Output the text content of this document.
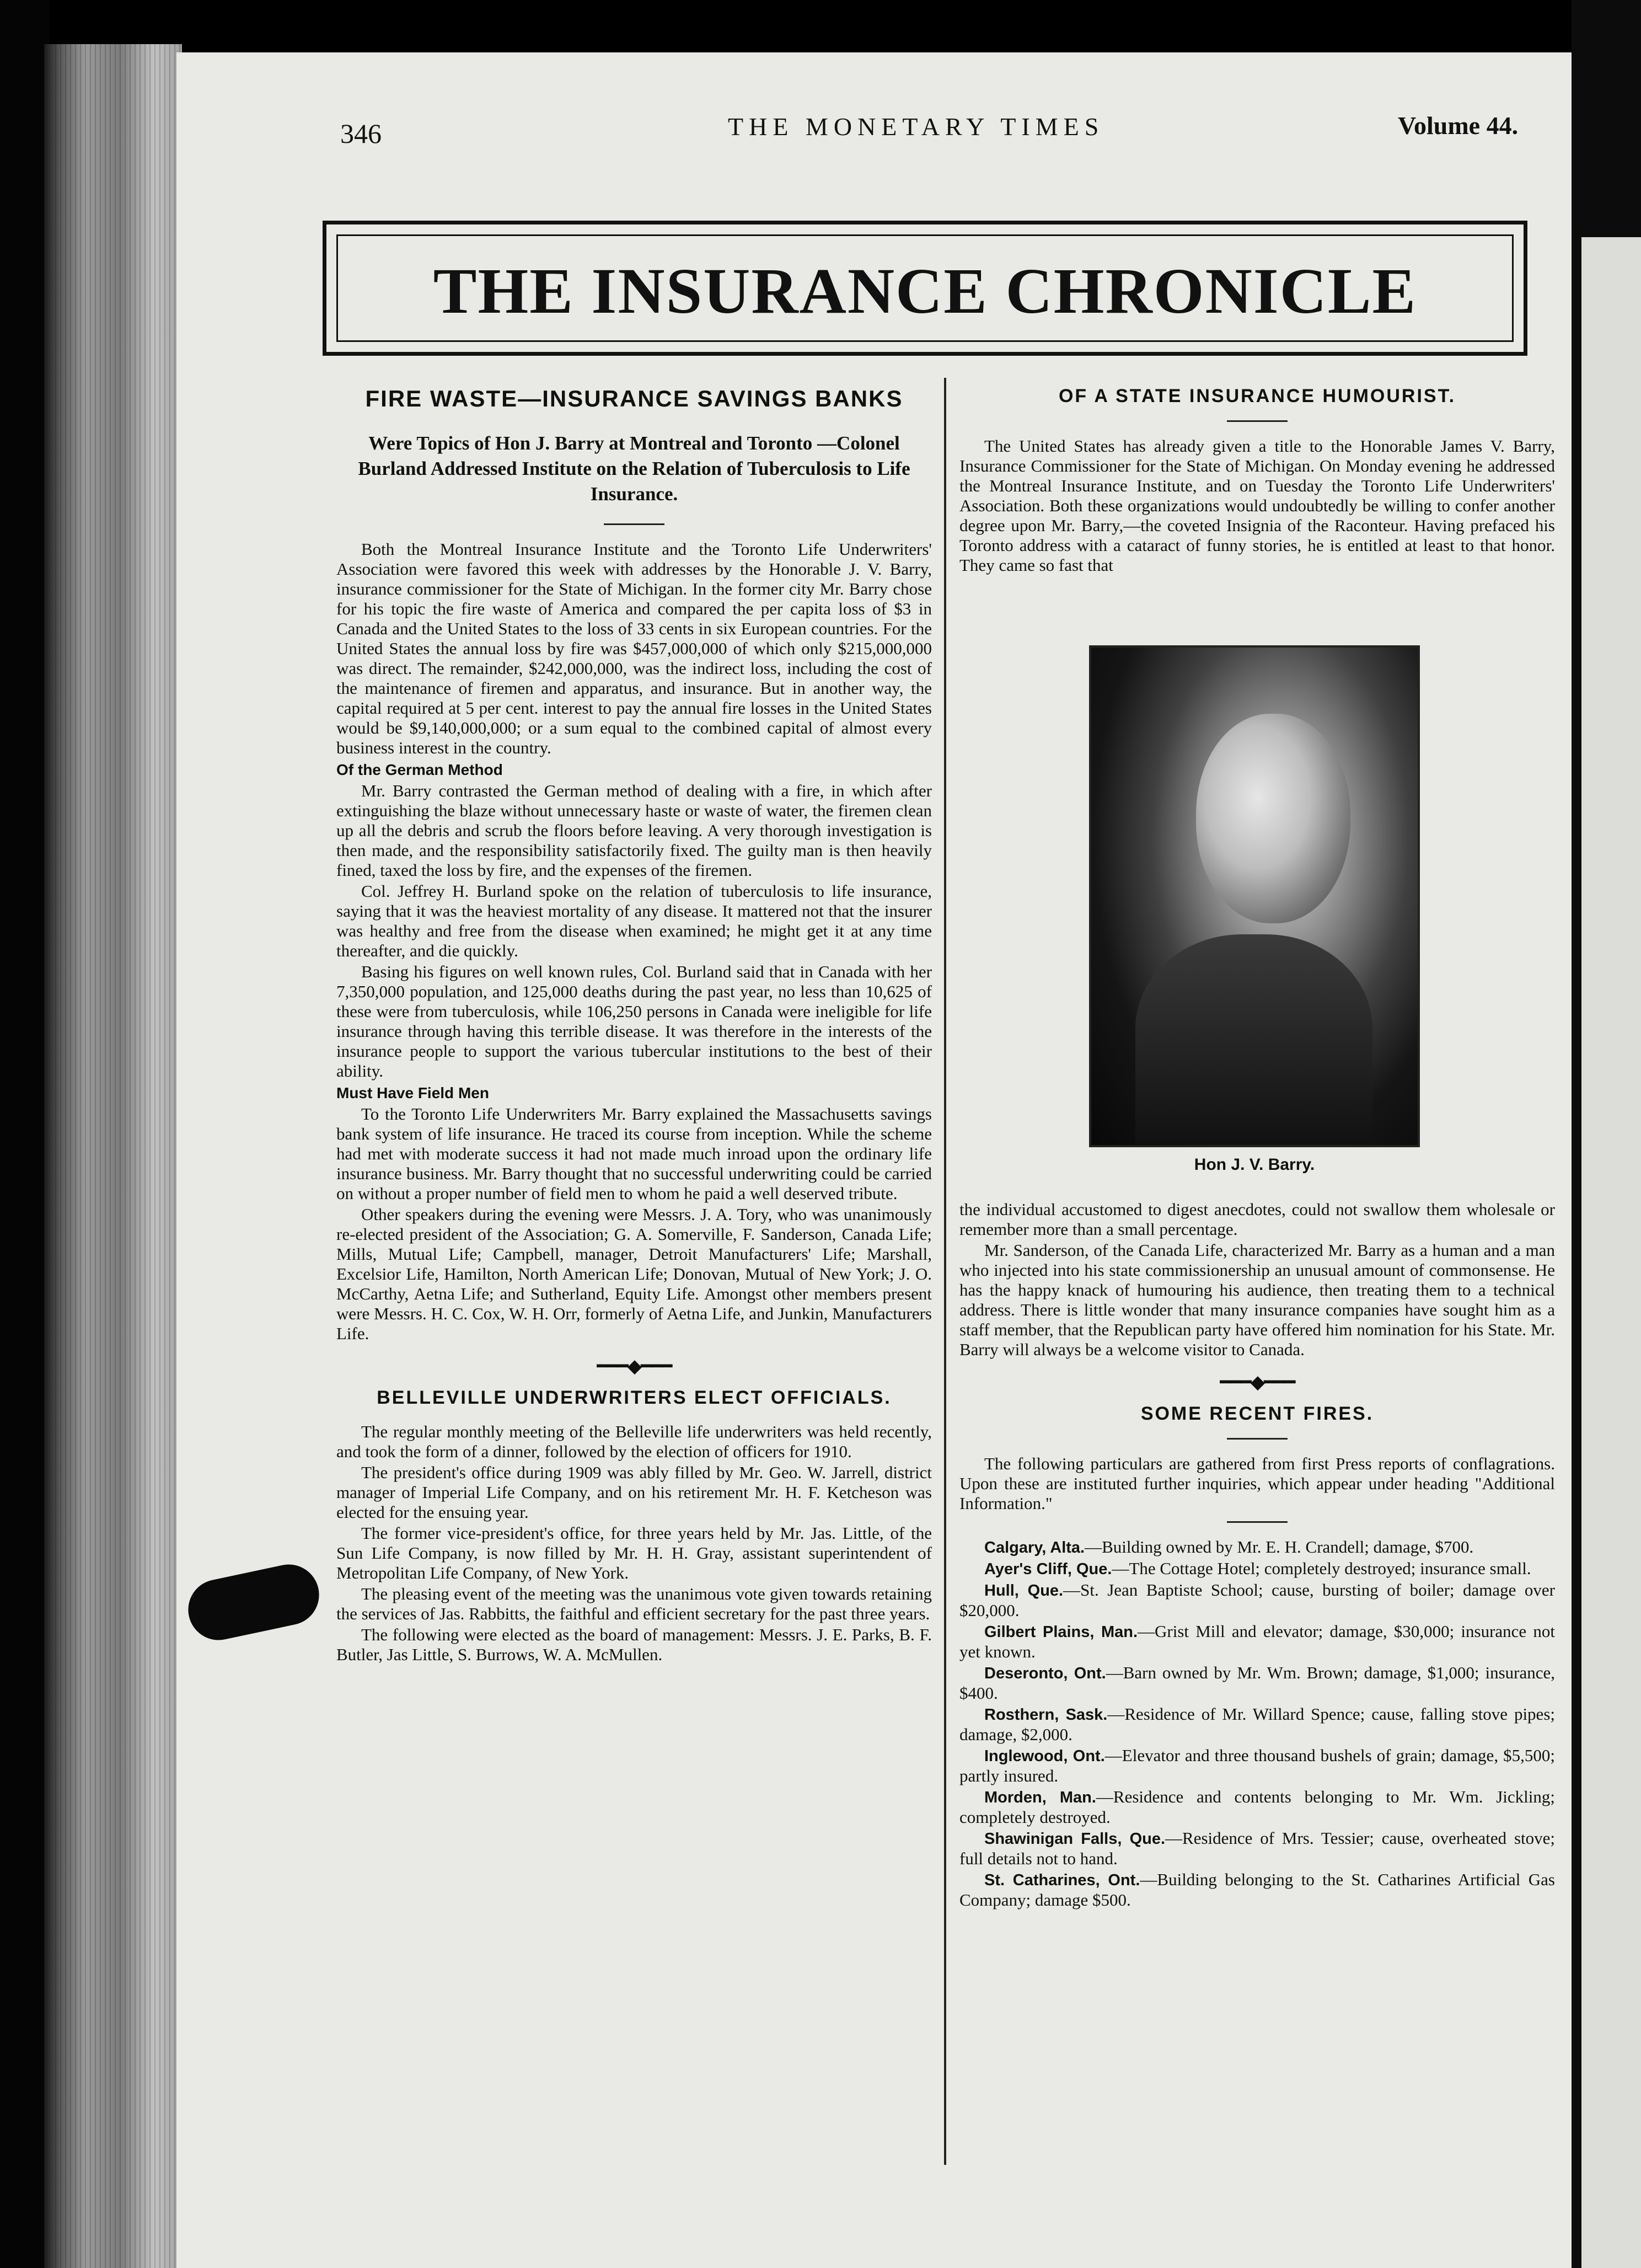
346	THE MONETARY TIMES	Volume 44.
THE INSURANCE CHRONICLE
FIRE WASTE—INSURANCE SAVINGS BANKS
Were Topics of Hon J. Barry at Montreal and Toronto —Colonel Burland Addressed Institute on the Relation of Tuberculosis to Life Insurance.

Both the Montreal Insurance Institute and the Toronto Life Underwriters' Association were favored this week with addresses by the Honorable J. V. Barry, insurance commissioner for the State of Michigan. In the former city Mr. Barry chose for his topic the fire waste of America and compared the per capita loss of $3 in Canada and the United States to the loss of 33 cents in six European countries. For the United States the annual loss by fire was $457,000,000 of which only $215,000,000 was direct. The remainder, $242,000,000, was the indirect loss, including the cost of the maintenance of firemen and apparatus, and insurance. But in another way, the capital required at 5 per cent. interest to pay the annual fire losses in the United States would be $9,140,000,000; or a sum equal to the combined capital of almost every business interest in the country.

Of the German Method

Mr. Barry contrasted the German method of dealing with a fire, in which after extinguishing the blaze without unnecessary haste or waste of water, the firemen clean up all the debris and scrub the floors before leaving. A very thorough investigation is then made, and the responsibility satisfactorily fixed. The guilty man is then heavily fined, taxed the loss by fire, and the expenses of the firemen.

Col. Jeffrey H. Burland spoke on the relation of tuberculosis to life insurance, saying that it was the heaviest mortality of any disease. It mattered not that the insurer was healthy and free from the disease when examined; he might get it at any time thereafter, and die quickly.

Basing his figures on well known rules, Col. Burland said that in Canada with her 7,350,000 population, and 125,000 deaths during the past year, no less than 10,625 of these were from tuberculosis, while 106,250 persons in Canada were ineligible for life insurance through having this terrible disease. It was therefore in the interests of the insurance people to support the various tubercular institutions to the best of their ability.

Must Have Field Men

To the Toronto Life Underwriters Mr. Barry explained the Massachusetts savings bank system of life insurance. He traced its course from inception. While the scheme had met with moderate success it had not made much inroad upon the ordinary life insurance business. Mr. Barry thought that no successful underwriting could be carried on without a proper number of field men to whom he paid a well deserved tribute.

Other speakers during the evening were Messrs. J. A. Tory, who was unanimously re-elected president of the Association; G. A. Somerville, F. Sanderson, Canada Life; Mills, Mutual Life; Campbell, manager, Detroit Manufacturers' Life; Marshall, Excelsior Life, Hamilton, North American Life; Donovan, Mutual of New York; J. O. McCarthy, Aetna Life; and Sutherland, Equity Life. Amongst other members present were Messrs. H. C. Cox, W. H. Orr, formerly of Aetna Life, and Junkin, Manufacturers Life.

━━━◆━━━
BELLEVILLE UNDERWRITERS ELECT OFFICIALS.

The regular monthly meeting of the Belleville life underwriters was held recently, and took the form of a dinner, followed by the election of officers for 1910.

The president's office during 1909 was ably filled by Mr. Geo. W. Jarrell, district manager of Imperial Life Company, and on his retirement Mr. H. F. Ketcheson was elected for the ensuing year.

The former vice-president's office, for three years held by Mr. Jas. Little, of the Sun Life Company, is now filled by Mr. H. H. Gray, assistant superintendent of Metropolitan Life Company, of New York.

The pleasing event of the meeting was the unanimous vote given towards retaining the services of Jas. Rabbitts, the faithful and efficient secretary for the past three years.

The following were elected as the board of management: Messrs. J. E. Parks, B. F. Butler, Jas Little, S. Burrows, W. A. McMullen.

OF A STATE INSURANCE HUMOURIST.

The United States has already given a title to the Honorable James V. Barry, Insurance Commissioner for the State of Michigan. On Monday evening he addressed the Montreal Insurance Institute, and on Tuesday the Toronto Life Underwriters' Association. Both these organizations would undoubtedly be willing to confer another degree upon Mr. Barry,—the coveted Insignia of the Raconteur. Having prefaced his Toronto address with a cataract of funny stories, he is entitled at least to that honor. They came so fast that

Hon J. V. Barry.

the individual accustomed to digest anecdotes, could not swallow them wholesale or remember more than a small percentage.

Mr. Sanderson, of the Canada Life, characterized Mr. Barry as a human and a man who injected into his state commissionership an unusual amount of commonsense. He has the happy knack of humouring his audience, then treating them to a technical address. There is little wonder that many insurance companies have sought him as a staff member, that the Republican party have offered him nomination for his State. Mr. Barry will always be a welcome visitor to Canada.

━━━◆━━━
SOME RECENT FIRES.

The following particulars are gathered from first Press reports of conflagrations. Upon these are instituted further inquiries, which appear under heading "Additional Information."

Calgary, Alta.—Building owned by Mr. E. H. Crandell; damage, $700.

Ayer's Cliff, Que.—The Cottage Hotel; completely destroyed; insurance small.

Hull, Que.—St. Jean Baptiste School; cause, bursting of boiler; damage over $20,000.

Gilbert Plains, Man.—Grist Mill and elevator; damage, $30,000; insurance not yet known.

Deseronto, Ont.—Barn owned by Mr. Wm. Brown; damage, $1,000; insurance, $400.

Rosthern, Sask.—Residence of Mr. Willard Spence; cause, falling stove pipes; damage, $2,000.

Inglewood, Ont.—Elevator and three thousand bushels of grain; damage, $5,500; partly insured.

Morden, Man.—Residence and contents belonging to Mr. Wm. Jickling; completely destroyed.

Shawinigan Falls, Que.—Residence of Mrs. Tessier; cause, overheated stove; full details not to hand.

St. Catharines, Ont.—Building belonging to the St. Catharines Artificial Gas Company; damage $500.
